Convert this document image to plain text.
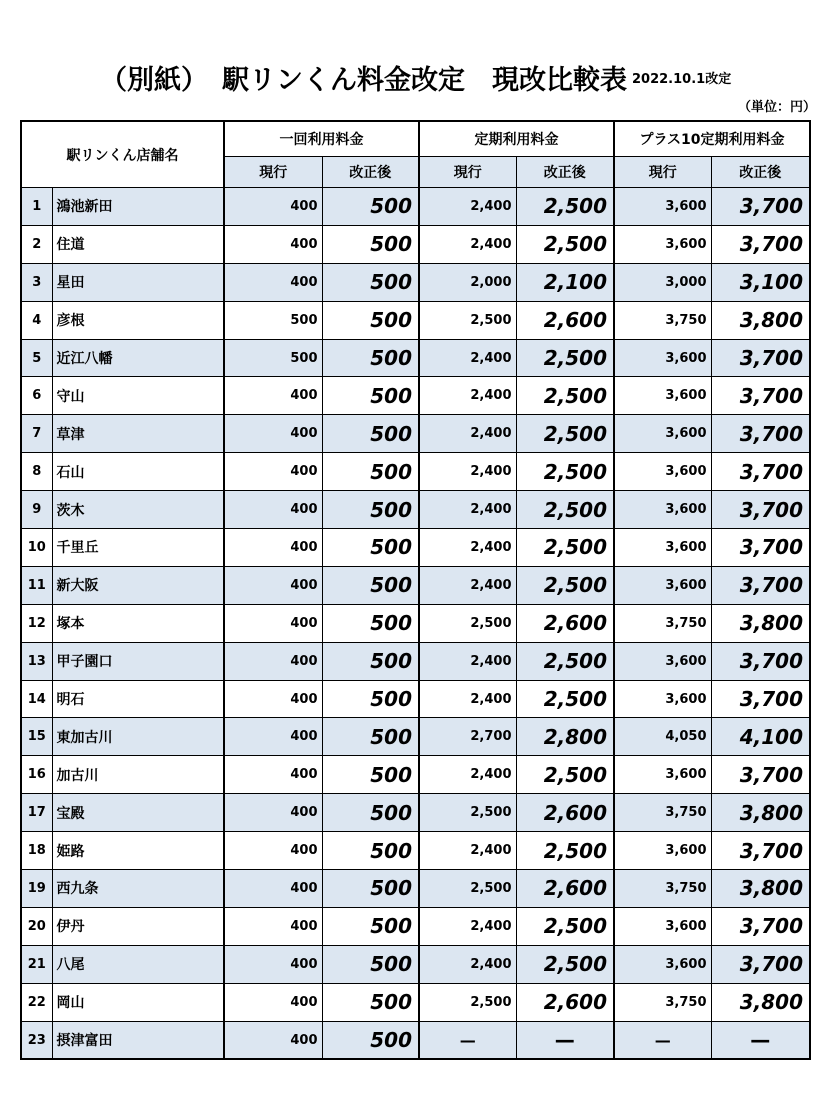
（別紙） 駅リンくん料金改定　現改比較表 2022.10.1改定
（単位：円）
駅リンくん店舗名		一回利用料金		定期利用料金		プラス10定期利用料金	
		現行	改正後	現行	改正後	現行	改正後
1	鴻池新田	400	500	2,400	2,500	3,600	3,700
2	住道	400	500	2,400	2,500	3,600	3,700
3	星田	400	500	2,000	2,100	3,000	3,100
4	彦根	500	500	2,500	2,600	3,750	3,800
5	近江八幡	500	500	2,400	2,500	3,600	3,700
6	守山	400	500	2,400	2,500	3,600	3,700
7	草津	400	500	2,400	2,500	3,600	3,700
8	石山	400	500	2,400	2,500	3,600	3,700
9	茨木	400	500	2,400	2,500	3,600	3,700
10	千里丘	400	500	2,400	2,500	3,600	3,700
11	新大阪	400	500	2,400	2,500	3,600	3,700
12	塚本	400	500	2,500	2,600	3,750	3,800
13	甲子園口	400	500	2,400	2,500	3,600	3,700
14	明石	400	500	2,400	2,500	3,600	3,700
15	東加古川	400	500	2,700	2,800	4,050	4,100
16	加古川	400	500	2,400	2,500	3,600	3,700
17	宝殿	400	500	2,500	2,600	3,750	3,800
18	姫路	400	500	2,400	2,500	3,600	3,700
19	西九条	400	500	2,500	2,600	3,750	3,800
20	伊丹	400	500	2,400	2,500	3,600	3,700
21	八尾	400	500	2,400	2,500	3,600	3,700
22	岡山	400	500	2,500	2,600	3,750	3,800
23	摂津富田	400	500	—	—	—	—
